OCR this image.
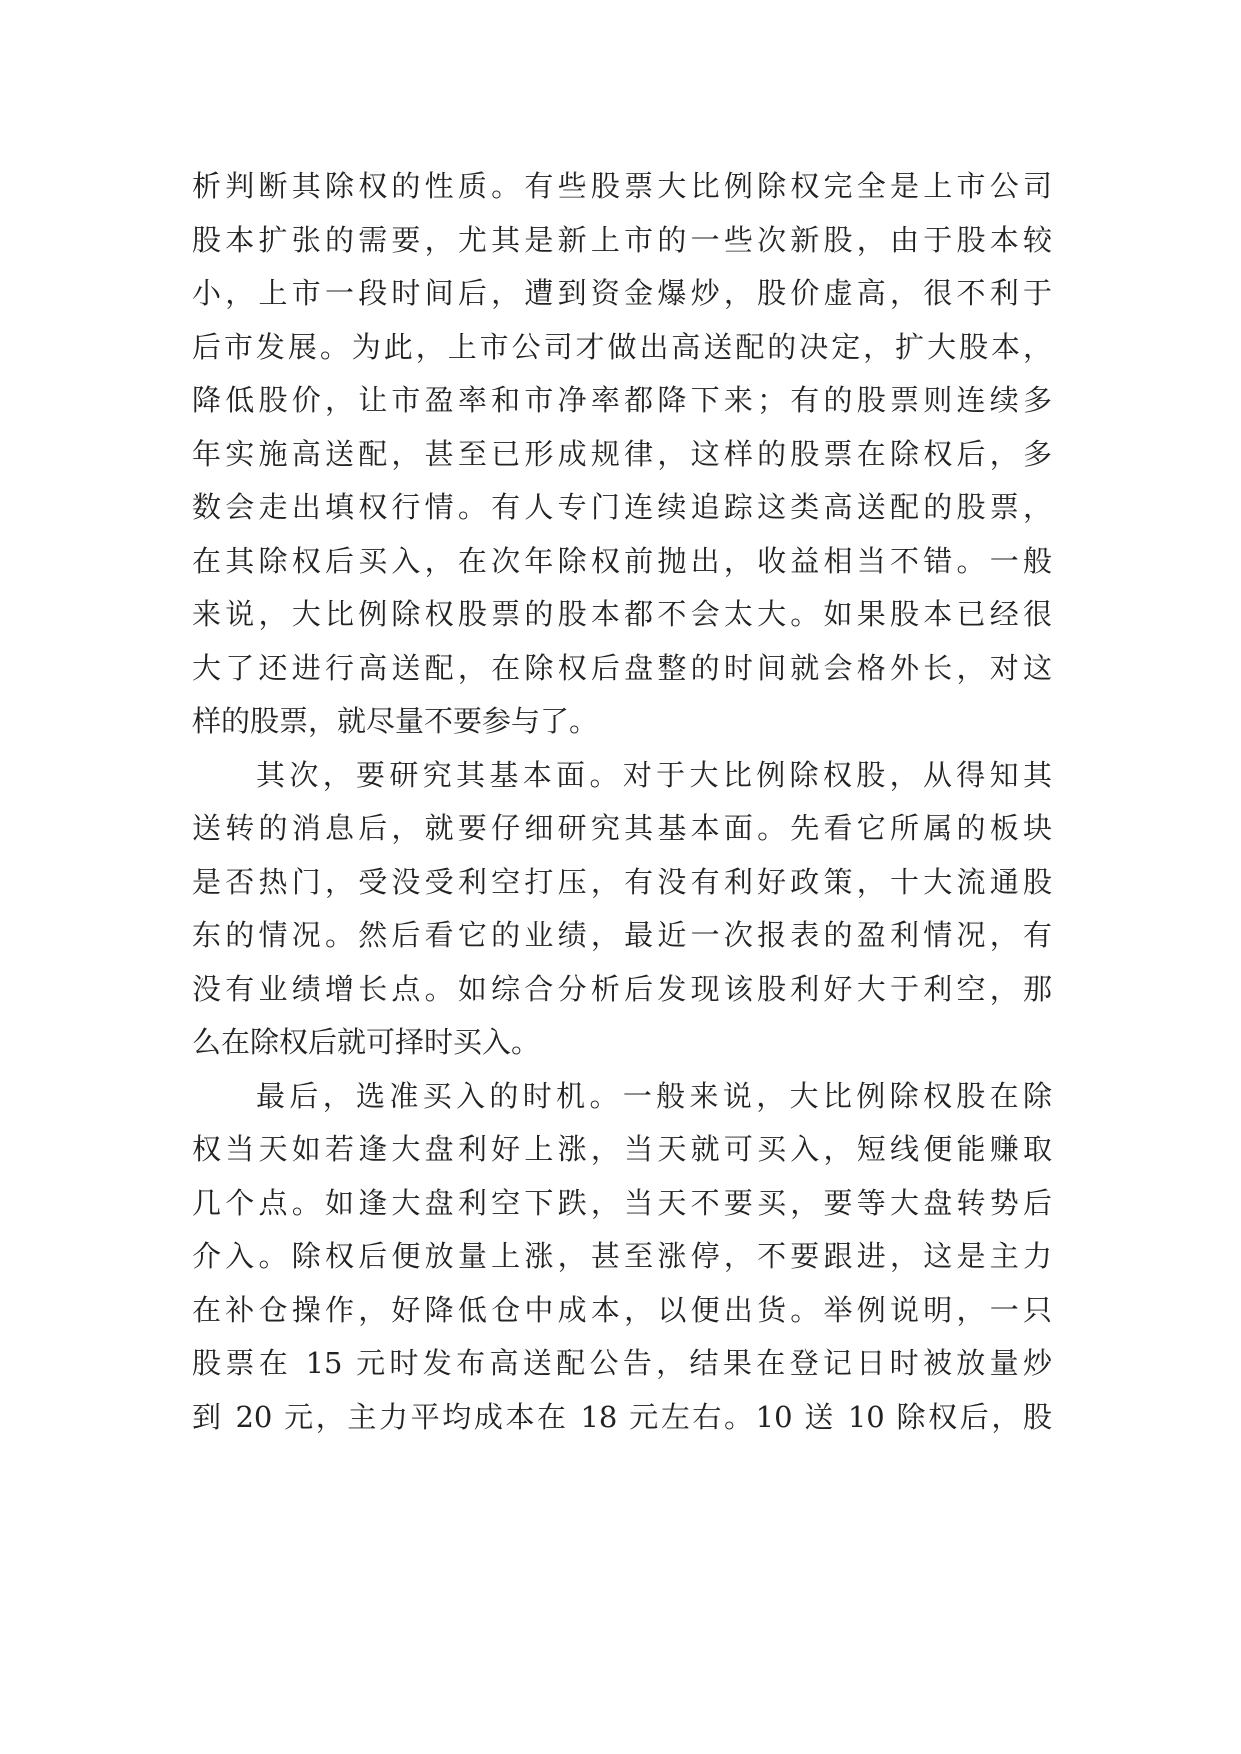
析判断其除权的性质。有些股票大比例除权完全是上市公司
股本扩张的需要，尤其是新上市的一些次新股，由于股本较
小，上市一段时间后，遭到资金爆炒，股价虚高，很不利于
后市发展。为此，上市公司才做出高送配的决定，扩大股本，
降低股价，让市盈率和市净率都降下来；有的股票则连续多
年实施高送配，甚至已形成规律，这样的股票在除权后，多
数会走出填权行情。有人专门连续追踪这类高送配的股票，
在其除权后买入，在次年除权前抛出，收益相当不错。一般
来说，大比例除权股票的股本都不会太大。如果股本已经很
大了还进行高送配，在除权后盘整的时间就会格外长，对这
样的股票，就尽量不要参与了。
其次，要研究其基本面。对于大比例除权股，从得知其
送转的消息后，就要仔细研究其基本面。先看它所属的板块
是否热门，受没受利空打压，有没有利好政策，十大流通股
东的情况。然后看它的业绩，最近一次报表的盈利情况，有
没有业绩增长点。如综合分析后发现该股利好大于利空，那
么在除权后就可择时买入。
最后，选准买入的时机。一般来说，大比例除权股在除
权当天如若逢大盘利好上涨，当天就可买入，短线便能赚取
几个点。如逢大盘利空下跌，当天不要买，要等大盘转势后
介入。除权后便放量上涨，甚至涨停，不要跟进，这是主力
在补仓操作，好降低仓中成本，以便出货。举例说明，一只
股票在 15 元时发布高送配公告，结果在登记日时被放量炒
到 20 元，主力平均成本在 18 元左右。10 送 10 除权后，股
